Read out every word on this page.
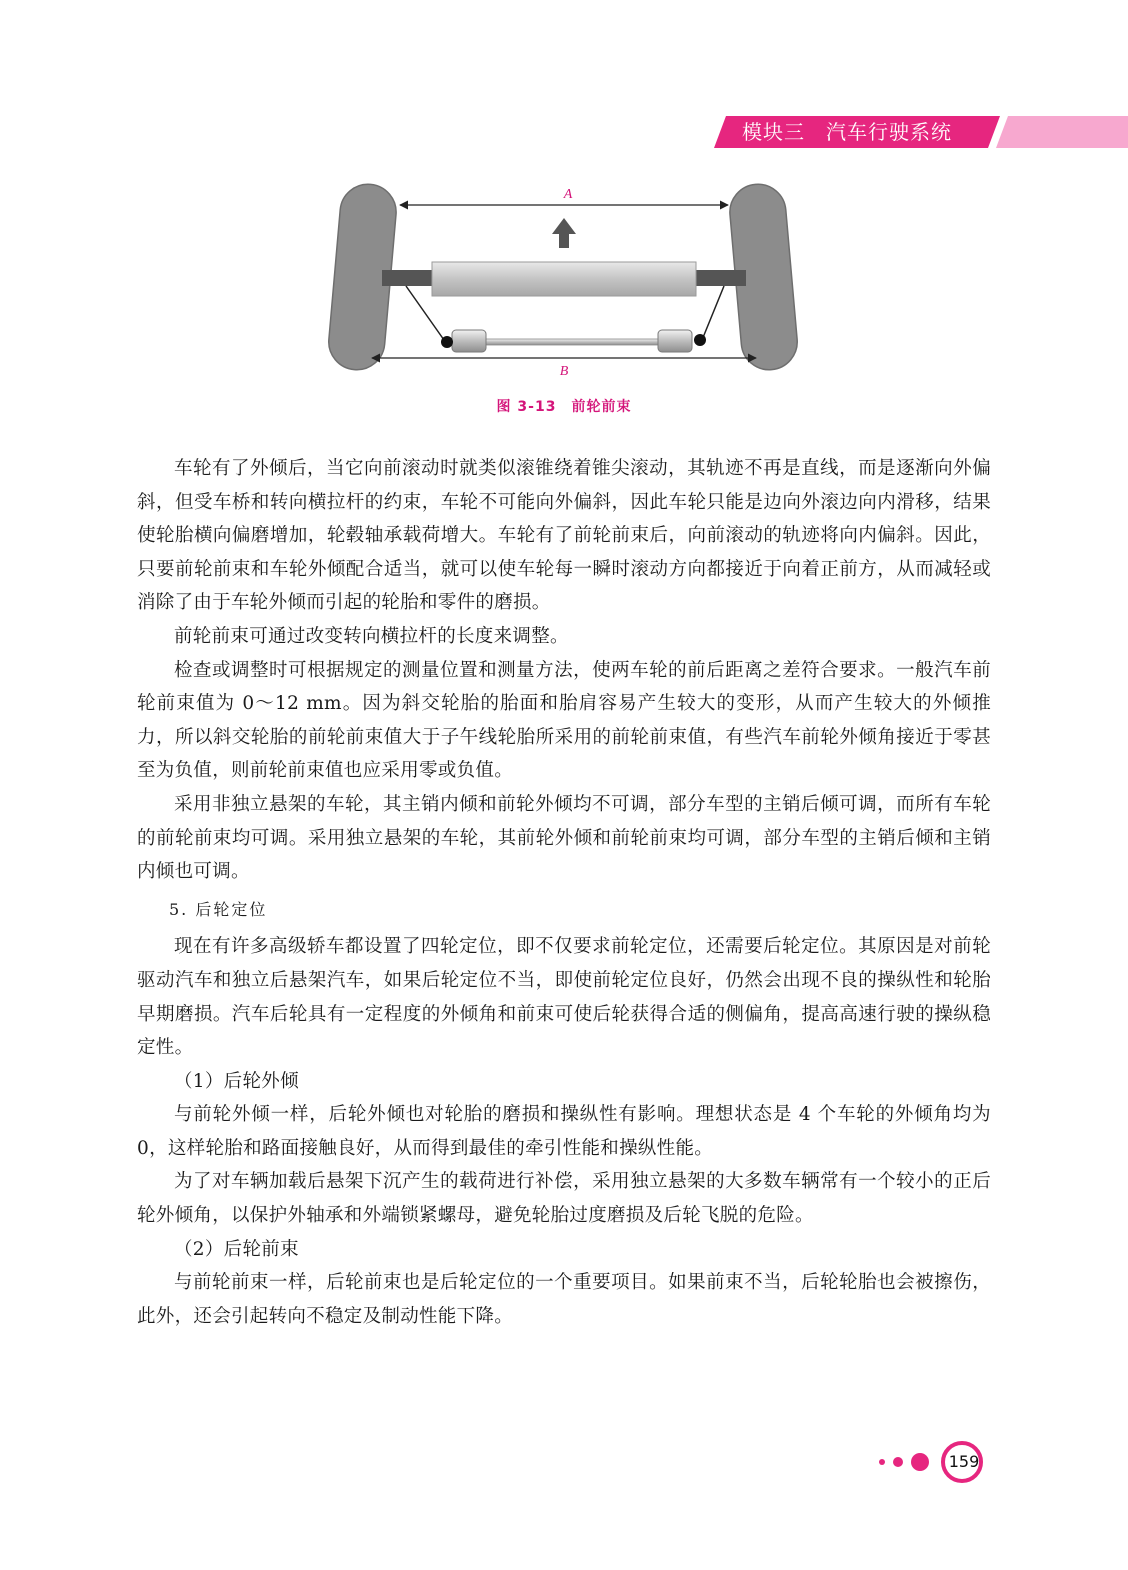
模块三　汽车行驶系统
A
B
图 3-13　前轮前束

车轮有了外倾后，当它向前滚动时就类似滚锥绕着锥尖滚动，其轨迹不再是直线，而是逐渐向外偏斜，但受车桥和转向横拉杆的约束，车轮不可能向外偏斜，因此车轮只能是边向外滚边向内滑移，结果使轮胎横向偏磨增加，轮毂轴承载荷增大。车轮有了前轮前束后，向前滚动的轨迹将向内偏斜。因此，只要前轮前束和车轮外倾配合适当，就可以使车轮每一瞬时滚动方向都接近于向着正前方，从而减轻或消除了由于车轮外倾而引起的轮胎和零件的磨损。

前轮前束可通过改变转向横拉杆的长度来调整。

检查或调整时可根据规定的测量位置和测量方法，使两车轮的前后距离之差符合要求。一般汽车前轮前束值为 0～12 mm。因为斜交轮胎的胎面和胎肩容易产生较大的变形，从而产生较大的外倾推力，所以斜交轮胎的前轮前束值大于子午线轮胎所采用的前轮前束值，有些汽车前轮外倾角接近于零甚至为负值，则前轮前束值也应采用零或负值。

采用非独立悬架的车轮，其主销内倾和前轮外倾均不可调，部分车型的主销后倾可调，而所有车轮的前轮前束均可调。采用独立悬架的车轮，其前轮外倾和前轮前束均可调，部分车型的主销后倾和主销内倾也可调。

5. 后轮定位

现在有许多高级轿车都设置了四轮定位，即不仅要求前轮定位，还需要后轮定位。其原因是对前轮驱动汽车和独立后悬架汽车，如果后轮定位不当，即使前轮定位良好，仍然会出现不良的操纵性和轮胎早期磨损。汽车后轮具有一定程度的外倾角和前束可使后轮获得合适的侧偏角，提高高速行驶的操纵稳定性。

（1）后轮外倾

与前轮外倾一样，后轮外倾也对轮胎的磨损和操纵性有影响。理想状态是 4 个车轮的外倾角均为 0，这样轮胎和路面接触良好，从而得到最佳的牵引性能和操纵性能。

为了对车辆加载后悬架下沉产生的载荷进行补偿，采用独立悬架的大多数车辆常有一个较小的正后轮外倾角，以保护外轴承和外端锁紧螺母，避免轮胎过度磨损及后轮飞脱的危险。

（2）后轮前束

与前轮前束一样，后轮前束也是后轮定位的一个重要项目。如果前束不当，后轮轮胎也会被擦伤，此外，还会引起转向不稳定及制动性能下降。

159
